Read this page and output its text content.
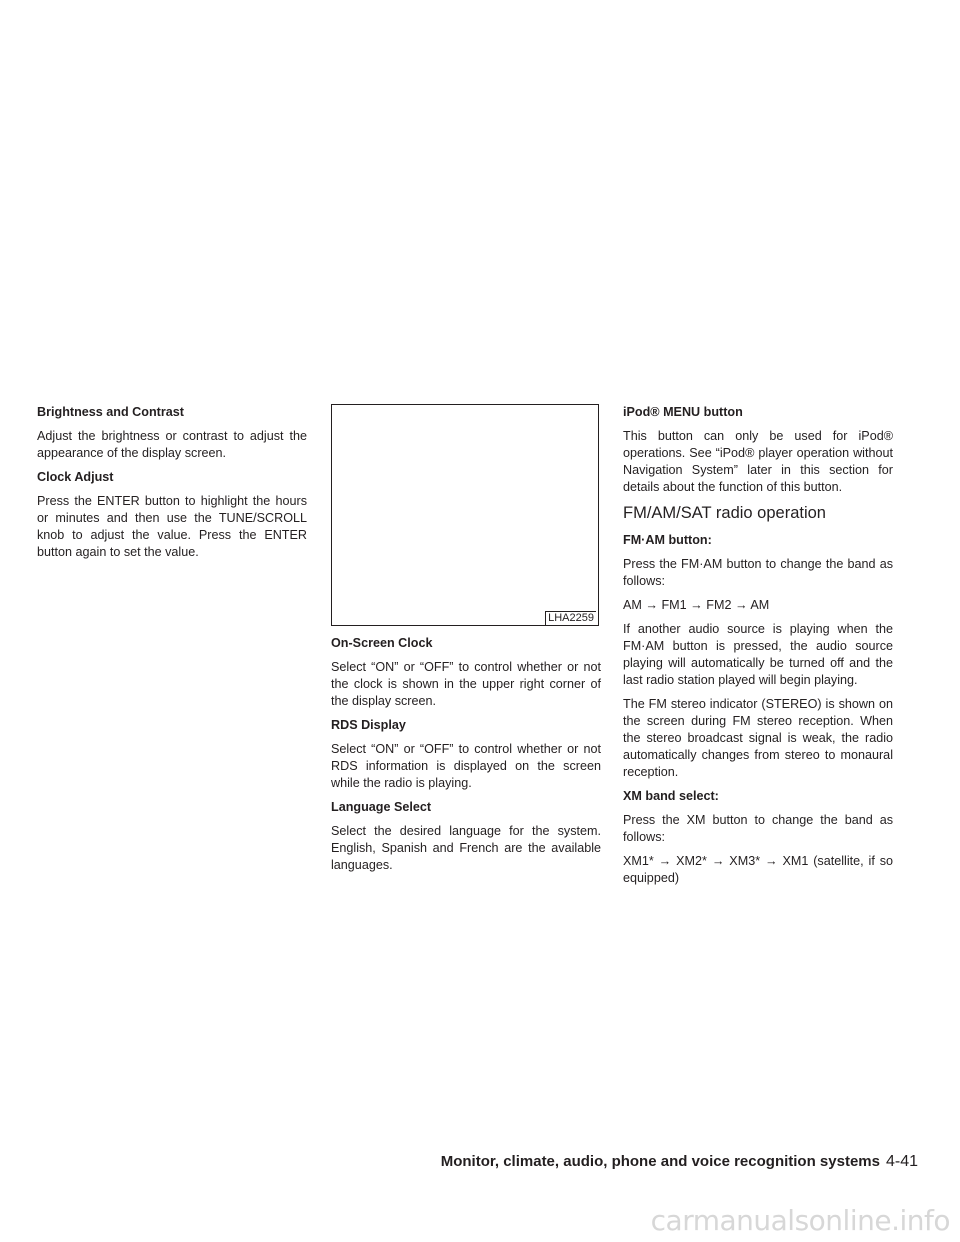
Brightness and Contrast
Adjust the brightness or contrast to adjust the appearance of the display screen.
Clock Adjust
Press the ENTER button to highlight the hours or minutes and then use the TUNE/SCROLL knob to adjust the value. Press the ENTER button again to set the value.
LHA2259
On-Screen Clock
Select “ON” or “OFF” to control whether or not the clock is shown in the upper right corner of the display screen.
RDS Display
Select “ON” or “OFF” to control whether or not RDS information is displayed on the screen while the radio is playing.
Language Select
Select the desired language for the system. English, Spanish and French are the available languages.
iPod® MENU button
This button can only be used for iPod® operations. See “iPod® player operation without Navigation System” later in this section for details about the function of this button.
FM/AM/SAT radio operation
FM·AM button:
Press the FM·AM button to change the band as follows:
AM → FM1 → FM2 → AM
If another audio source is playing when the FM·AM button is pressed, the audio source playing will automatically be turned off and the last radio station played will begin playing.
The FM stereo indicator (STEREO) is shown on the screen during FM stereo reception. When the stereo broadcast signal is weak, the radio automatically changes from stereo to monaural reception.
XM band select:
Press the XM button to change the band as follows:
XM1* → XM2* → XM3* → XM1 (satellite, if so equipped)
Monitor, climate, audio, phone and voice recognition systems 4-41
carmanualsonline.info
